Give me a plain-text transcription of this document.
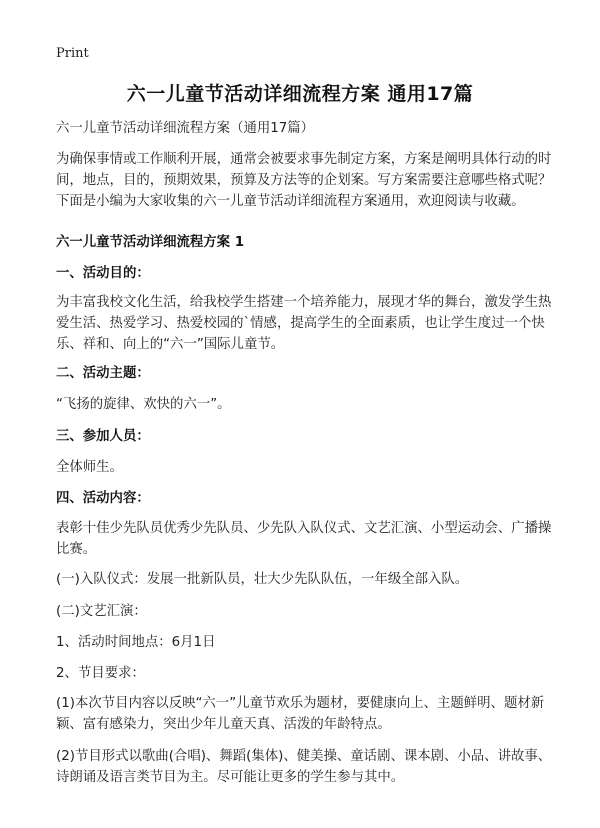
Print
六一儿童节活动详细流程方案 通用17篇
六一儿童节活动详细流程方案（通用17篇）
为确保事情或工作顺利开展，通常会被要求事先制定方案，方案是阐明具体行动的时间，地点，目的，预期效果，预算及方法等的企划案。写方案需要注意哪些格式呢？下面是小编为大家收集的六一儿童节活动详细流程方案通用，欢迎阅读与收藏。
六一儿童节活动详细流程方案 1
一、活动目的：
为丰富我校文化生活，给我校学生搭建一个培养能力，展现才华的舞台，激发学生热爱生活、热爱学习、热爱校园的`情感，提高学生的全面素质，也让学生度过一个快乐、祥和、向上的“六一”国际儿童节。
二、活动主题：
“飞扬的旋律、欢快的六一”。
三、参加人员：
全体师生。
四、活动内容：
表彰十佳少先队员优秀少先队员、少先队入队仪式、文艺汇演、小型运动会、广播操比赛。
(一)入队仪式：发展一批新队员，壮大少先队队伍，一年级全部入队。
(二)文艺汇演：
1、活动时间地点：6月1日
2、节目要求：
(1)本次节目内容以反映“六一”儿童节欢乐为题材，要健康向上、主题鲜明、题材新颖、富有感染力，突出少年儿童天真、活泼的年龄特点。
(2)节目形式以歌曲(合唱)、舞蹈(集体)、健美操、童话剧、课本剧、小品、讲故事、诗朗诵及语言类节目为主。尽可能让更多的学生参与其中。
